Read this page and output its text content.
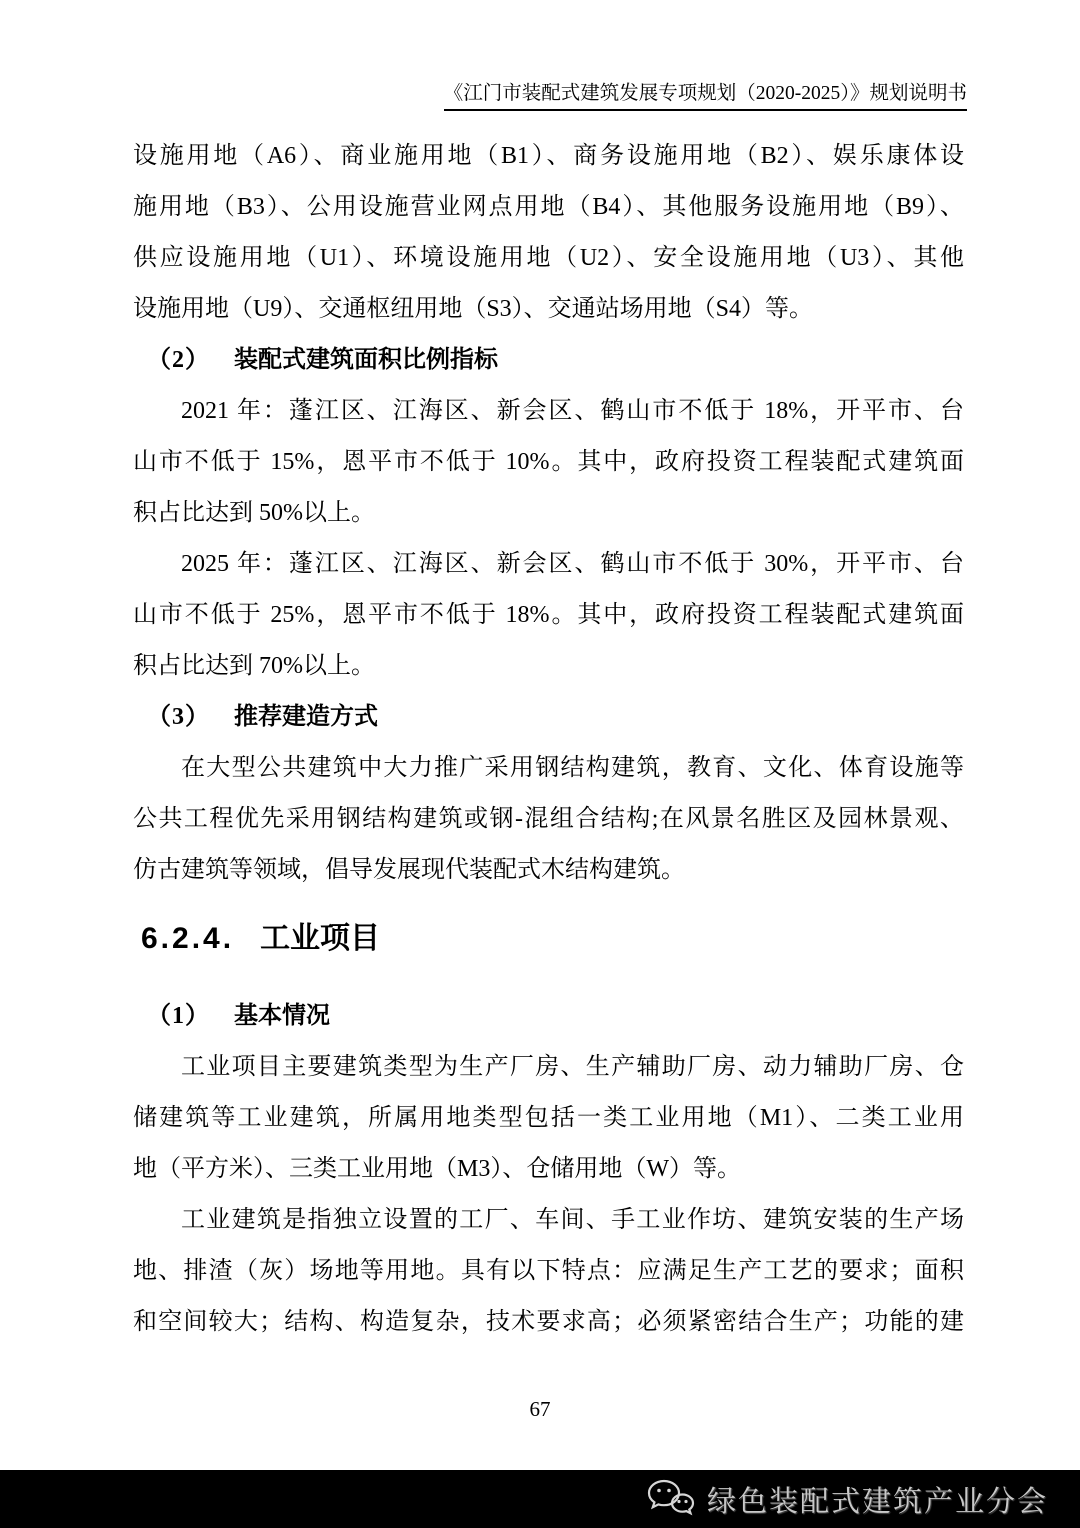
《江门市装配式建筑发展专项规划（2020-2025）》规划说明书
设施用地（A6）、商业施用地（B1）、商务设施用地（B2）、娱乐康体设
施用地（B3）、公用设施营业网点用地（B4）、其他服务设施用地（B9）、
供应设施用地（U1）、环境设施用地（U2）、安全设施用地（U3）、其他
设施用地（U9）、交通枢纽用地（S3）、交通站场用地（S4）等。
（2） 装配式建筑面积比例指标
2021 年：蓬江区、江海区、新会区、鹤山市不低于 18%，开平市、台
山市不低于 15%，恩平市不低于 10%。其中，政府投资工程装配式建筑面
积占比达到 50%以上。
2025 年：蓬江区、江海区、新会区、鹤山市不低于 30%，开平市、台
山市不低于 25%，恩平市不低于 18%。其中，政府投资工程装配式建筑面
积占比达到 70%以上。
（3） 推荐建造方式
在大型公共建筑中大力推广采用钢结构建筑，教育、文化、体育设施等
公共工程优先采用钢结构建筑或钢-混组合结构;在风景名胜区及园林景观、
仿古建筑等领域，倡导发展现代装配式木结构建筑。
6.2.4. 工业项目
（1） 基本情况
工业项目主要建筑类型为生产厂房、生产辅助厂房、动力辅助厂房、仓
储建筑等工业建筑，所属用地类型包括一类工业用地（M1）、二类工业用
地（平方米）、三类工业用地（M3）、仓储用地（W）等。
工业建筑是指独立设置的工厂、车间、手工业作坊、建筑安装的生产场
地、排渣（灰）场地等用地。具有以下特点：应满足生产工艺的要求；面积
和空间较大；结构、构造复杂，技术要求高；必须紧密结合生产；功能的建
67
绿色装配式建筑产业分会
